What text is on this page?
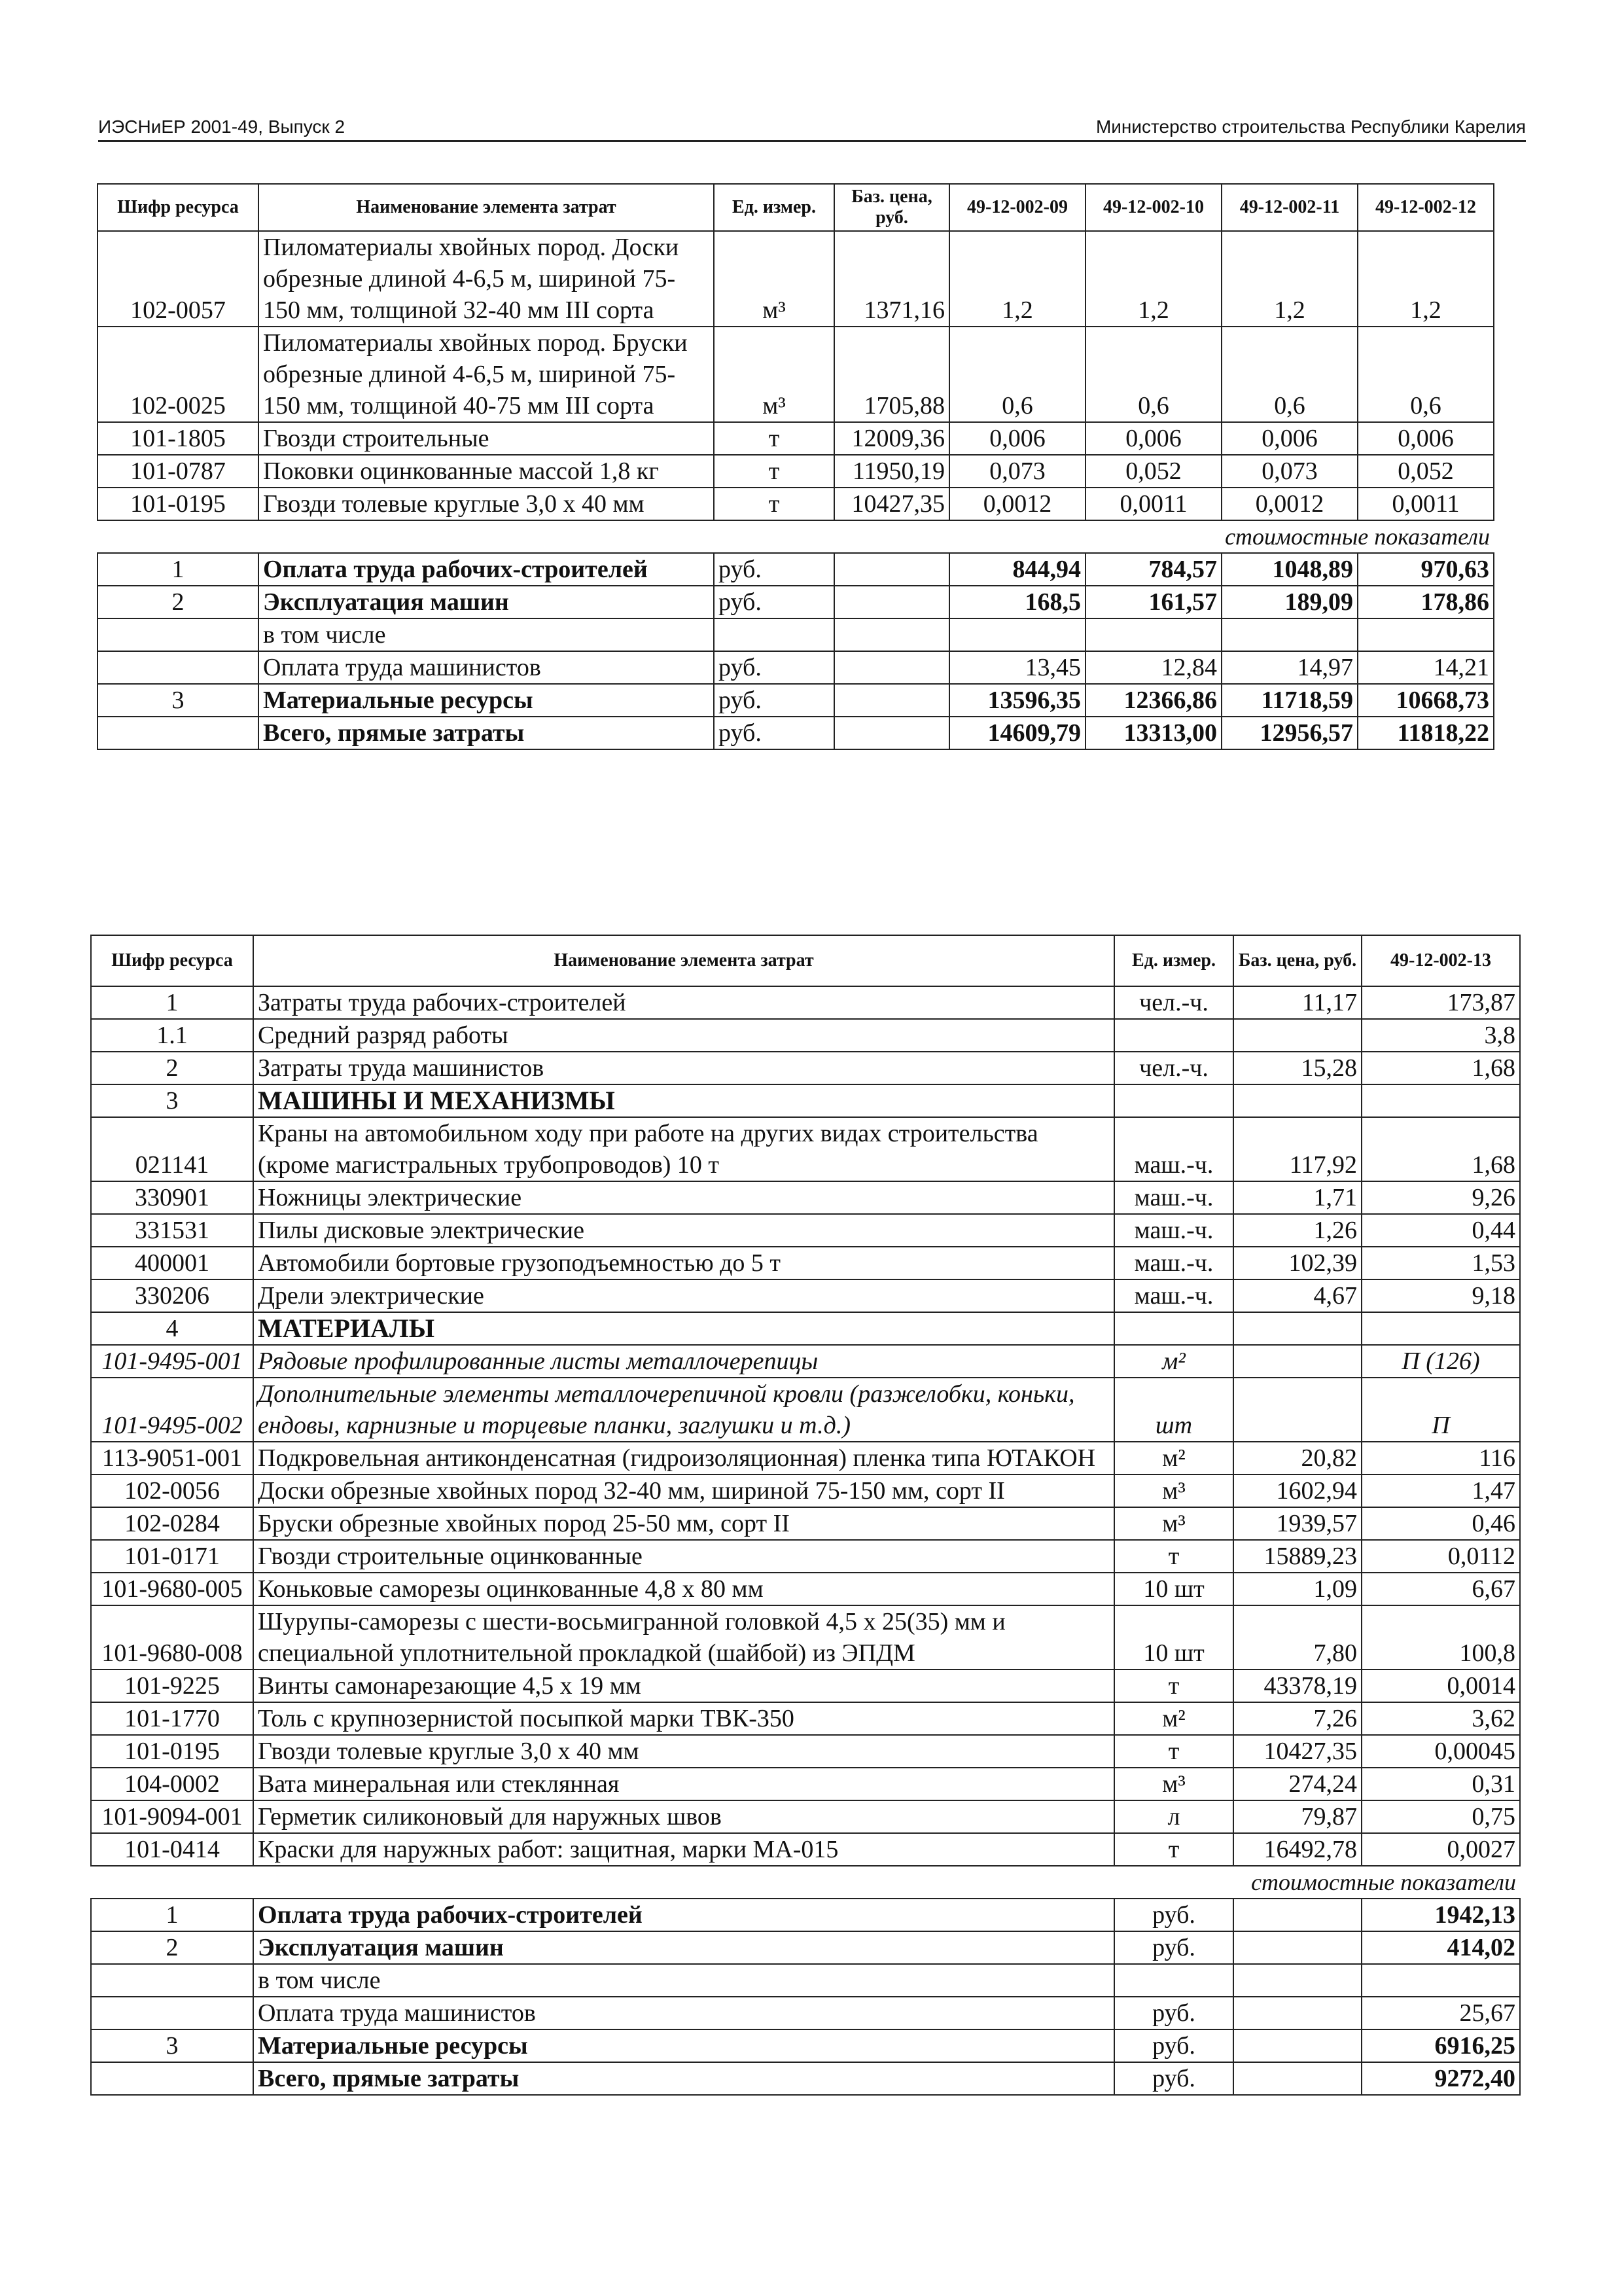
ИЭСНиЕР 2001-49, Выпуск 2	Министерство строительства Республики Карелия
Шифр ресурса	Наименование элемента затрат	Ед. измер.	Баз. цена, руб.	49-12-002-09	49-12-002-10	49-12-002-11	49-12-002-12
102-0057	Пиломатериалы хвойных пород. Доски обрезные длиной 4-6,5 м, шириной 75-150 мм, толщиной 32-40 мм III сорта	м³	1371,16	1,2	1,2	1,2	1,2
102-0025	Пиломатериалы хвойных пород. Бруски обрезные длиной 4-6,5 м, шириной 75-150 мм, толщиной 40-75 мм III сорта	м³	1705,88	0,6	0,6	0,6	0,6
101-1805	Гвозди строительные	т	12009,36	0,006	0,006	0,006	0,006
101-0787	Поковки оцинкованные массой 1,8 кг	т	11950,19	0,073	0,052	0,073	0,052
101-0195	Гвозди толевые круглые 3,0 х 40 мм	т	10427,35	0,0012	0,0011	0,0012	0,0011
стоимостные показатели							
1	Оплата труда рабочих-строителей	руб.		844,94	784,57	1048,89	970,63
2	Эксплуатация машин	руб.		168,5	161,57	189,09	178,86
	в том числе						
	Оплата труда машинистов	руб.		13,45	12,84	14,97	14,21
3	Материальные ресурсы	руб.		13596,35	12366,86	11718,59	10668,73
	Всего, прямые затраты	руб.		14609,79	13313,00	12956,57	11818,22
Шифр ресурса	Наименование элемента затрат	Ед. измер.	Баз. цена, руб.	49-12-002-13
1	Затраты труда рабочих-строителей	чел.-ч.	11,17	173,87
1.1	Средний разряд работы			3,8
2	Затраты труда машинистов	чел.-ч.	15,28	1,68
3	МАШИНЫ И МЕХАНИЗМЫ			
021141	Краны на автомобильном ходу при работе на других видах строительства (кроме магистральных трубопроводов) 10 т	маш.-ч.	117,92	1,68
330901	Ножницы электрические	маш.-ч.	1,71	9,26
331531	Пилы дисковые электрические	маш.-ч.	1,26	0,44
400001	Автомобили бортовые грузоподъемностью до 5 т	маш.-ч.	102,39	1,53
330206	Дрели электрические	маш.-ч.	4,67	9,18
4	МАТЕРИАЛЫ			
101-9495-001	Рядовые профилированные листы металлочерепицы	м²		П (126)
101-9495-002	Дополнительные элементы металлочерепичной кровли (разжелобки, коньки, ендовы, карнизные и торцевые планки, заглушки и т.д.)	шт		П
113-9051-001	Подкровельная антиконденсатная (гидроизоляционная) пленка типа ЮТАКОН	м²	20,82	116
102-0056	Доски обрезные хвойных пород 32-40 мм, шириной 75-150 мм, сорт II	м³	1602,94	1,47
102-0284	Бруски обрезные хвойных пород 25-50 мм, сорт II	м³	1939,57	0,46
101-0171	Гвозди строительные оцинкованные	т	15889,23	0,0112
101-9680-005	Коньковые саморезы оцинкованные 4,8 х 80 мм	10 шт	1,09	6,67
101-9680-008	Шурупы-саморезы с шести-восьмигранной головкой 4,5 х 25(35) мм и специальной уплотнительной прокладкой (шайбой) из ЭПДМ	10 шт	7,80	100,8
101-9225	Винты самонарезающие 4,5 х 19 мм	т	43378,19	0,0014
101-1770	Толь с крупнозернистой посыпкой марки ТВК-350	м²	7,26	3,62
101-0195	Гвозди толевые круглые 3,0 х 40 мм	т	10427,35	0,00045
104-0002	Вата минеральная или стеклянная	м³	274,24	0,31
101-9094-001	Герметик силиконовый для наружных швов	л	79,87	0,75
101-0414	Краски для наружных работ: защитная, марки МА-015	т	16492,78	0,0027
стоимостные показатели				
1	Оплата труда рабочих-строителей	руб.		1942,13
2	Эксплуатация машин	руб.		414,02
	в том числе			
	Оплата труда машинистов	руб.		25,67
3	Материальные ресурсы	руб.		6916,25
	Всего, прямые затраты	руб.		9272,40
